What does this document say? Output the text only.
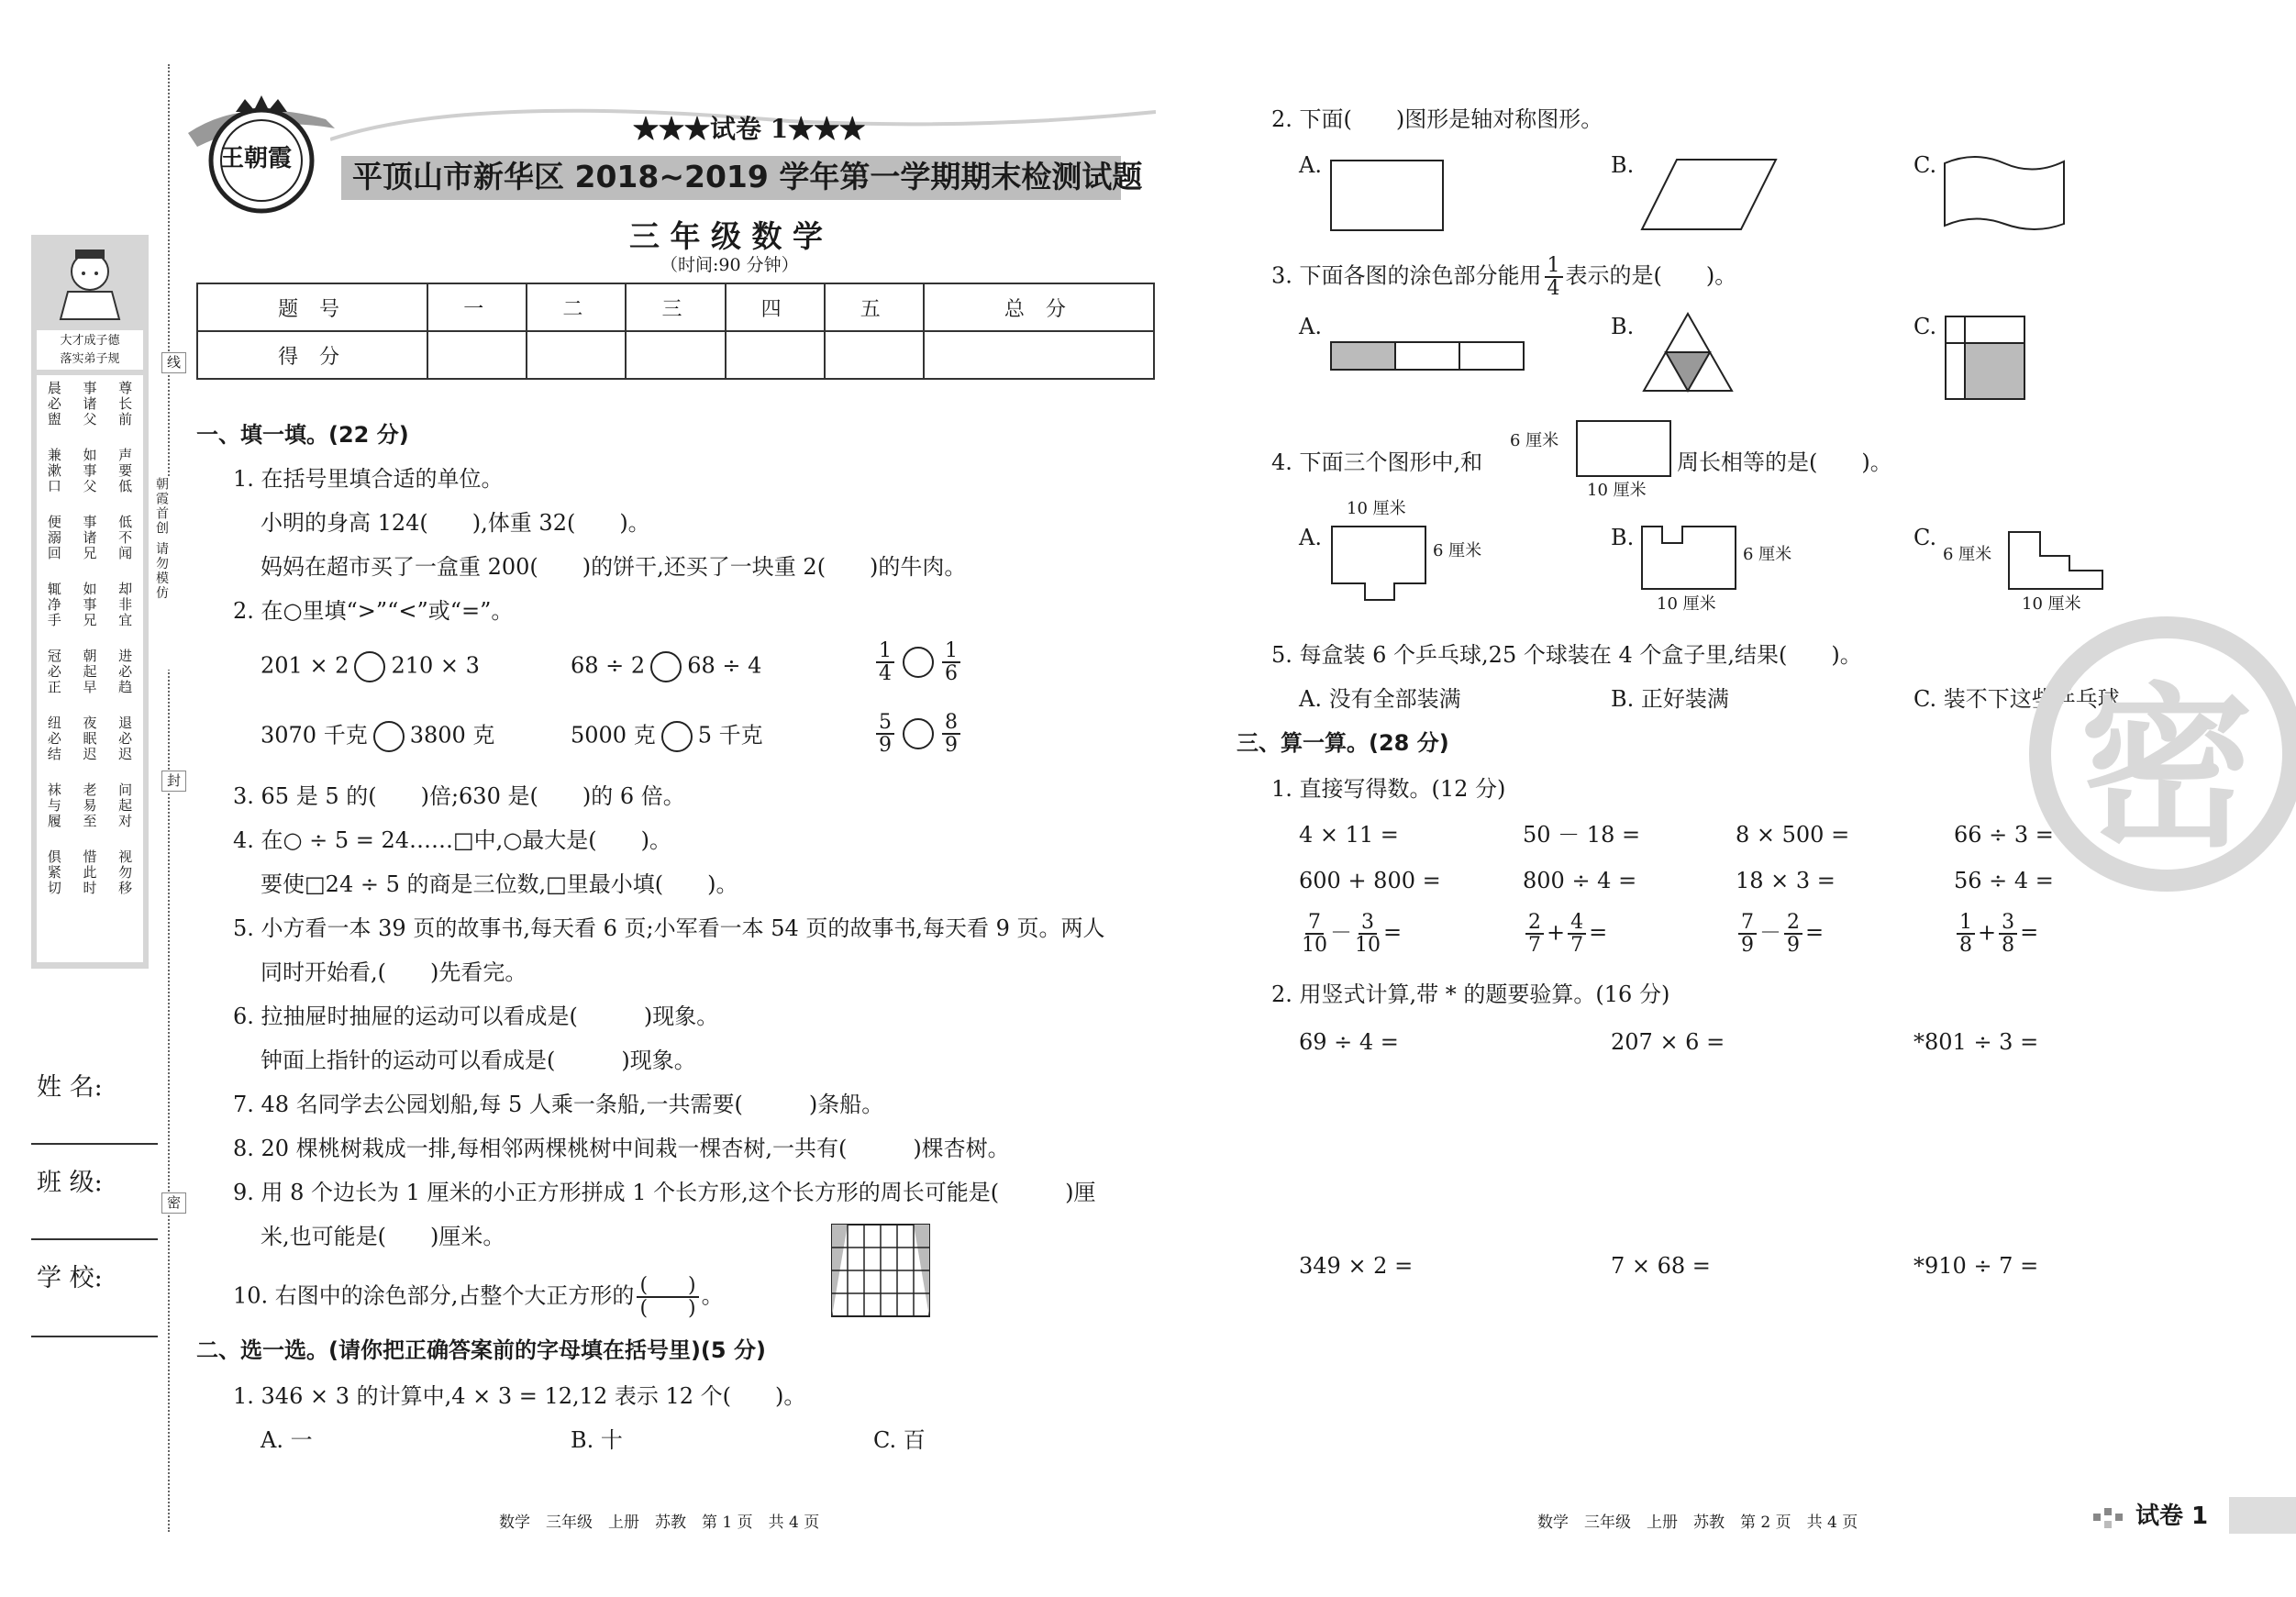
线
封
密
朝霞首创 请勿模仿
大才成子德
落实弟子规
晨必盥 事诸父 尊长前
兼漱口 如事父 声要低
便溺回 事诸兄 低不闻
辄净手 如事兄 却非宜
冠必正 朝起早 进必趋
纽必结 夜眠迟 退必迟
袜与履 老易至 问起对
俱紧切 惜此时 视勿移
姓 名:
班 级:
学 校:
王朝霞
★★★试卷 1★★★
平顶山市新华区 2018~2019 学年第一学期期末检测试题
三 年 级 数 学
（时间:90 分钟）
题 号	一	二	三	四	五	总 分
得 分						
一、填一填。(22 分)
1. 在括号里填合适的单位。
小明的身高 124(　　),体重 32(　　)。
妈妈在超市买了一盒重 200(　　)的饼干,还买了一块重 2(　　)的牛肉。
2. 在○里填“>”“<”或“=”。
201 × 2 210 × 3	68 ÷ 2 68 ÷ 4	$\frac{1}{4} \frac{1}{6}$
3070 千克 3800 克	5000 克 5 千克	$\frac{5}{9} \frac{8}{9}$
3. 65 是 5 的(　　)倍;630 是(　　)的 6 倍。
4. 在○ ÷ 5 = 24……□中,○最大是(　　)。
要使□24 ÷ 5 的商是三位数,□里最小填(　　)。
5. 小方看一本 39 页的故事书,每天看 6 页;小军看一本 54 页的故事书,每天看 9 页。两人
同时开始看,(　　)先看完。
6. 拉抽屉时抽屉的运动可以看成是(　　　)现象。
钟面上指针的运动可以看成是(　　　)现象。
7. 48 名同学去公园划船,每 5 人乘一条船,一共需要(　　　)条船。
8. 20 棵桃树栽成一排,每相邻两棵桃树中间栽一棵杏树,一共有(　　　)棵杏树。
9. 用 8 个边长为 1 厘米的小正方形拼成 1 个长方形,这个长方形的周长可能是(　　　)厘
米,也可能是(　　)厘米。
10. 右图中的涂色部分,占整个大正方形的 $\frac{( )}{( )}$ 。
二、选一选。(请你把正确答案前的字母填在括号里)(5 分)
1. 346 × 3 的计算中,4 × 3 = 12,12 表示 12 个(　　)。
A. 一	B. 十	C. 百
2. 下面(　　)图形是轴对称图形。
A.	B.	C.
3. 下面各图的涂色部分能用 $\frac{1}{4}$ 表示的是(　　)。
A.	B.	C.
4. 下面三个图形中,和
6 厘米
10 厘米
周长相等的是(　　)。
A.
10 厘米
6 厘米
B.
6 厘米
10 厘米
C.
6 厘米
10 厘米
5. 每盒装 6 个乒乓球,25 个球装在 4 个盒子里,结果(　　)。
A. 没有全部装满	B. 正好装满	C. 装不下这些乒乓球
密
三、算一算。(28 分)
1. 直接写得数。(12 分)
4 × 11 =	50 － 18 =	8 × 500 =	66 ÷ 3 =
600 + 800 =	800 ÷ 4 =	18 × 3 =	56 ÷ 4 =
$\frac{7}{10} - \frac{3}{10}$ =	$\frac{2}{7} + \frac{4}{7}$ =	$\frac{7}{9} - \frac{2}{9}$ =	$\frac{1}{8} + \frac{3}{8}$ =
2. 用竖式计算,带 * 的题要验算。(16 分)
69 ÷ 4 =	207 × 6 =	*801 ÷ 3 =
349 × 2 =	7 × 68 =	*910 ÷ 7 =
数学　三年级　上册　苏教　第 1 页　共 4 页	数学　三年级　上册　苏教　第 2 页　共 4 页	试卷 1
